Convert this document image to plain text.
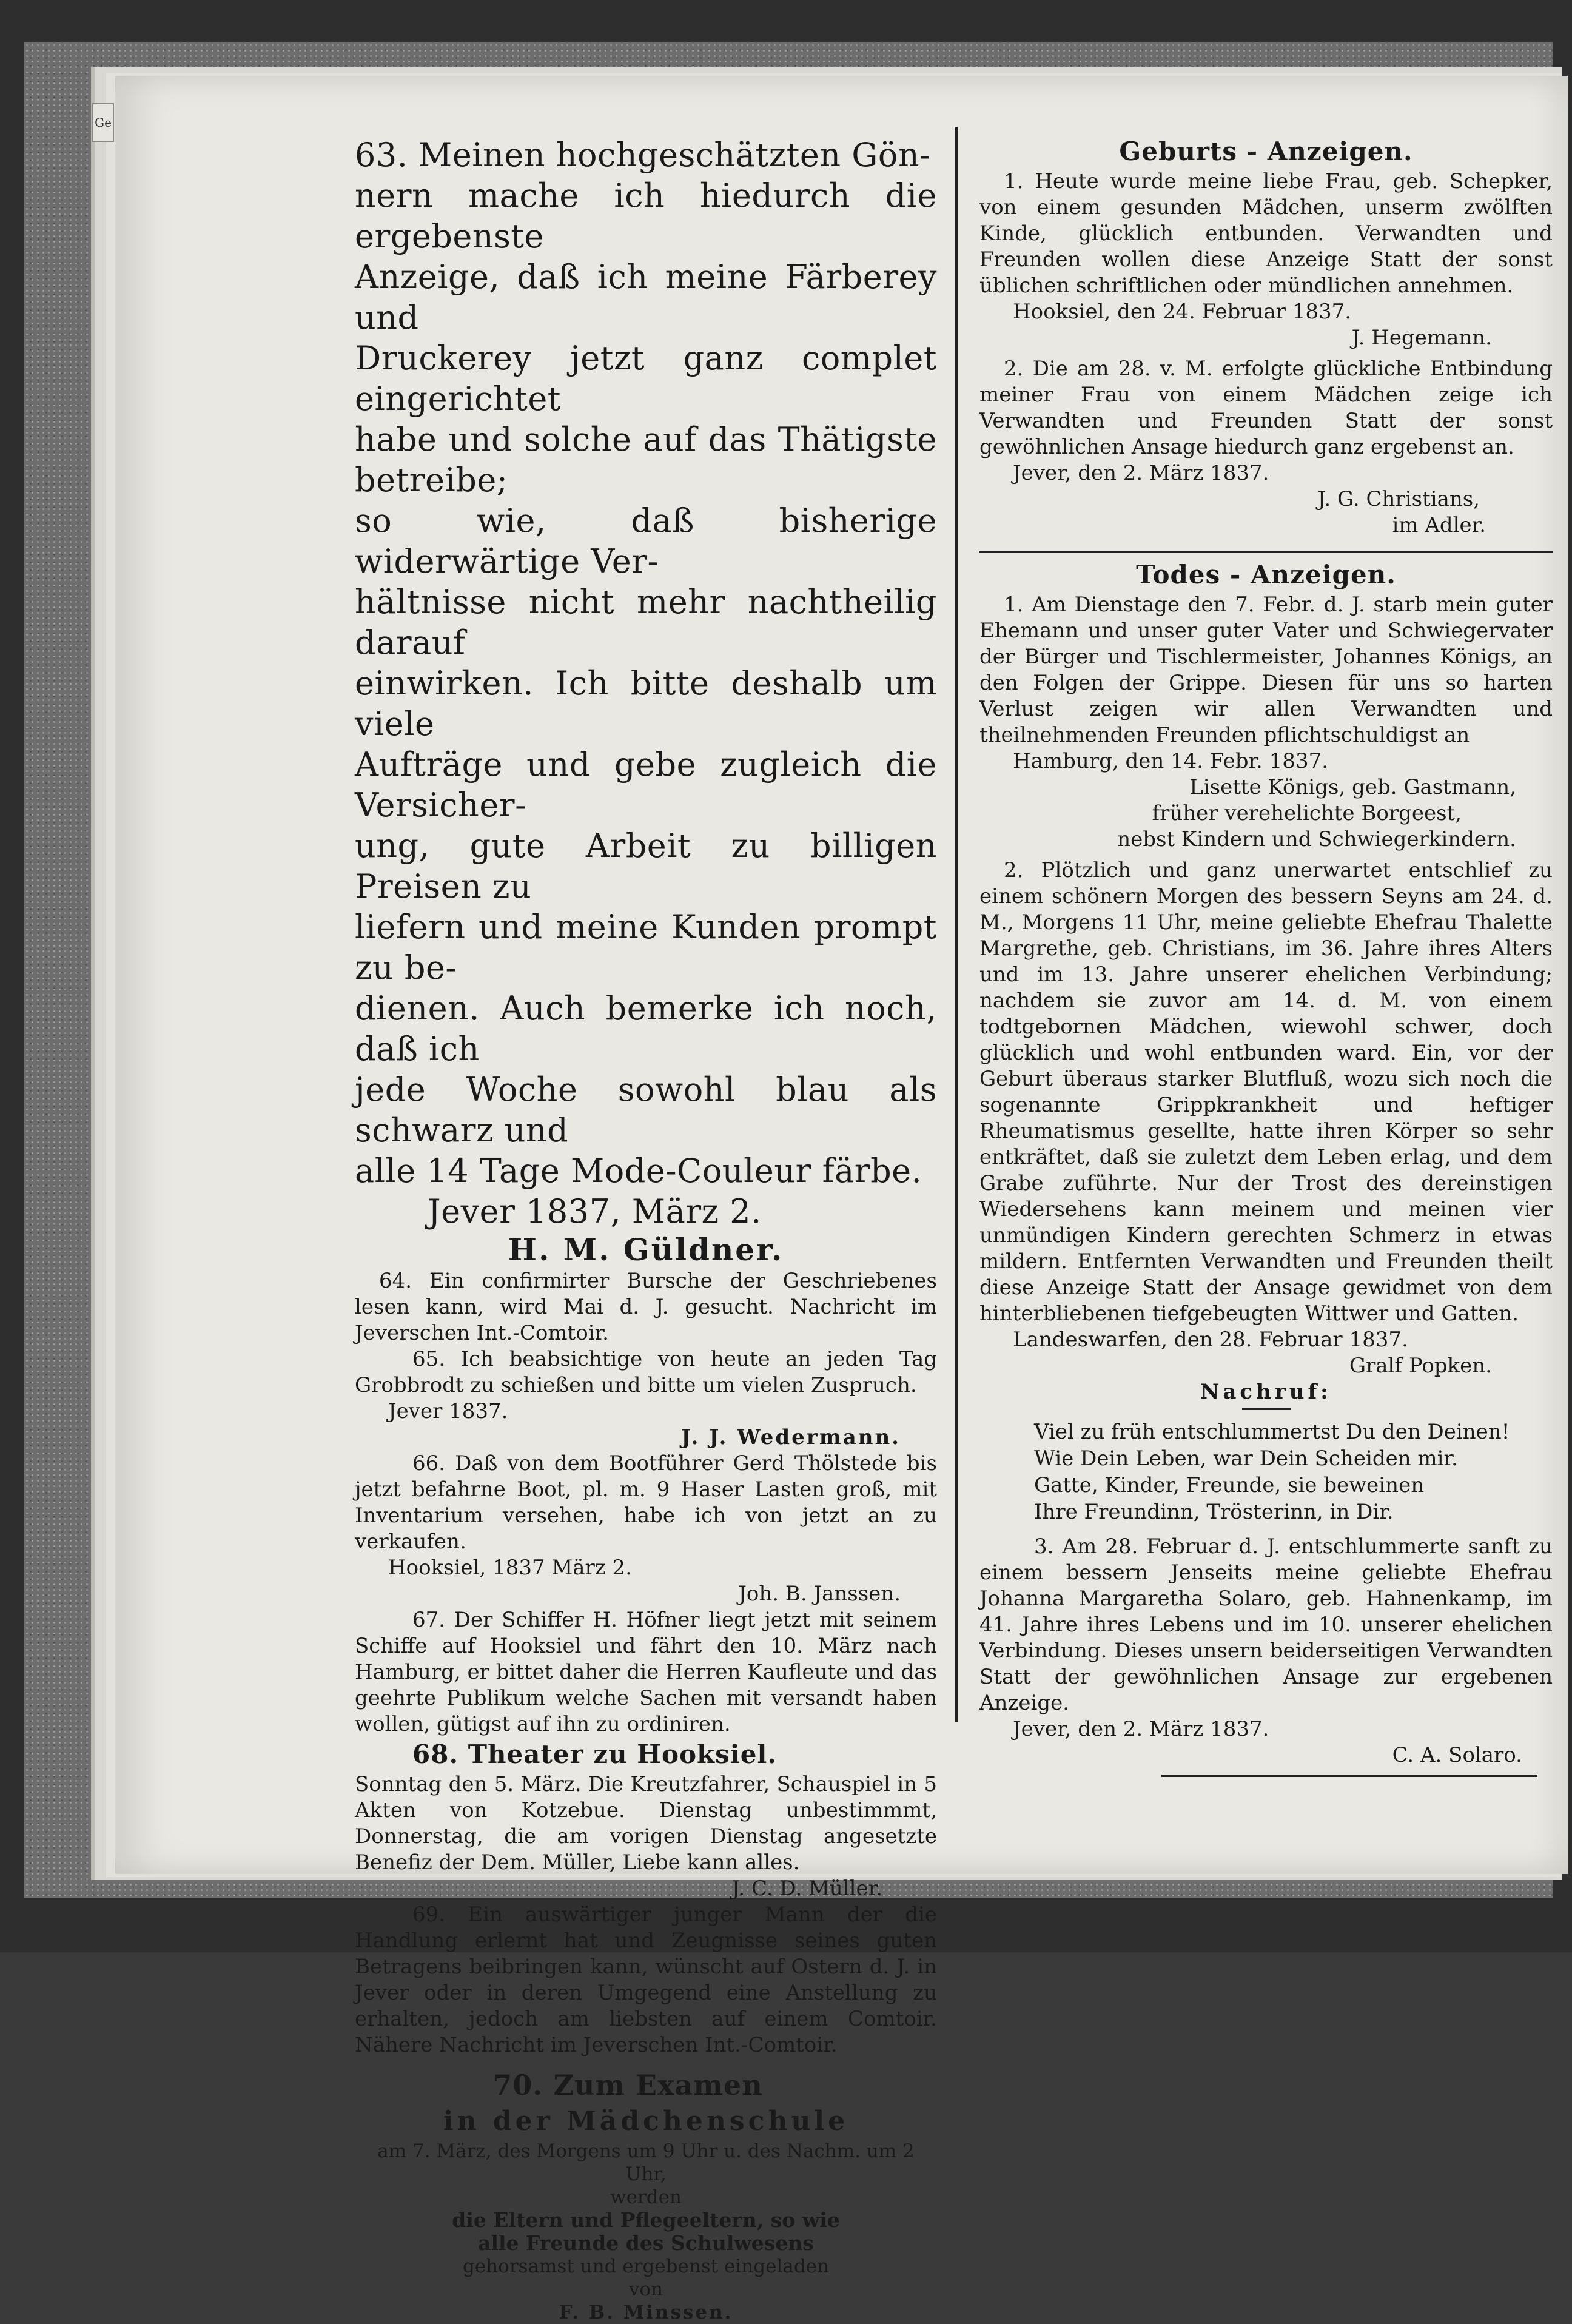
Ge

63. Meinen hochgeschätzten Gön-

nern mache ich hiedurch die ergebenste

Anzeige, daß ich meine Färberey und

Druckerey jetzt ganz complet eingerichtet

habe und solche auf das Thätigste betreibe;

so wie, daß bisherige widerwärtige Ver-

hältnisse nicht mehr nachtheilig darauf

einwirken. Ich bitte deshalb um viele

Aufträge und gebe zugleich die Versicher-

ung, gute Arbeit zu billigen Preisen zu

liefern und meine Kunden prompt zu be-

dienen. Auch bemerke ich noch, daß ich

jede Woche sowohl blau als schwarz und

alle 14 Tage Mode-Couleur färbe.

Jever 1837, März 2.

H. M. Güldner.

64. Ein confirmirter Bursche der Geschriebenes lesen kann, wird Mai d. J. gesucht. Nachricht im Jeverschen Int.-Comtoir.

65. Ich beabsichtige von heute an jeden Tag Grobbrodt zu schießen und bitte um vielen Zuspruch.

Jever 1837.

J. J. Wedermann.

66. Daß von dem Bootführer Gerd Thölstede bis jetzt befahrne Boot, pl. m. 9 Haser Lasten groß, mit Inventarium versehen, habe ich von jetzt an zu verkaufen.

Hooksiel, 1837 März 2.

Joh. B. Janssen.

67. Der Schiffer H. Höfner liegt jetzt mit seinem Schiffe auf Hooksiel und fährt den 10. März nach Hamburg, er bittet daher die Herren Kaufleute und das geehrte Publikum welche Sachen mit versandt haben wollen, gütigst auf ihn zu ordiniren.

68. Theater zu Hooksiel.

Sonntag den 5. März. Die Kreutzfahrer, Schauspiel in 5 Akten von Kotzebue. Dienstag unbestimmmt, Donnerstag, die am vorigen Dienstag angesetzte Benefiz der Dem. Müller, Liebe kann alles.

J. C. D. Müller.

69. Ein auswärtiger junger Mann der die Handlung erlernt hat und Zeugnisse seines guten Betragens beibringen kann, wünscht auf Ostern d. J. in Jever oder in deren Umgegend eine Anstellung zu erhalten, jedoch am liebsten auf einem Comtoir. Nähere Nachricht im Jeverschen Int.-Comtoir.

70. Zum Examen

in der Mädchenschule

am 7. März, des Morgens um 9 Uhr u. des Nachm. um 2 Uhr,

werden

die Eltern und Pflegeeltern, so wie

alle Freunde des Schulwesens

gehorsamst und ergebenst eingeladen

von

F. B. Minssen.

Geburts - Anzeigen.

1. Heute wurde meine liebe Frau, geb. Schepker, von einem gesunden Mädchen, unserm zwölften Kinde, glücklich entbunden. Verwandten und Freunden wollen diese Anzeige Statt der sonst üblichen schriftlichen oder mündlichen annehmen.

Hooksiel, den 24. Februar 1837.

J. Hegemann.

2. Die am 28. v. M. erfolgte glückliche Entbindung meiner Frau von einem Mädchen zeige ich Verwandten und Freunden Statt der sonst gewöhnlichen Ansage hiedurch ganz ergebenst an.

Jever, den 2. März 1837.

J. G. Christians,

im Adler.

Todes - Anzeigen.

1. Am Dienstage den 7. Febr. d. J. starb mein guter Ehemann und unser guter Vater und Schwiegervater der Bürger und Tischlermeister, Johannes Königs, an den Folgen der Grippe. Diesen für uns so harten Verlust zeigen wir allen Verwandten und theilnehmenden Freunden pflichtschuldigst an

Hamburg, den 14. Febr. 1837.

Lisette Königs, geb. Gastmann,

früher verehelichte Borgeest,

nebst Kindern und Schwiegerkindern.

2. Plötzlich und ganz unerwartet entschlief zu einem schönern Morgen des bessern Seyns am 24. d. M., Morgens 11 Uhr, meine geliebte Ehefrau Thalette Margrethe, geb. Christians, im 36. Jahre ihres Alters und im 13. Jahre unserer ehelichen Verbindung; nachdem sie zuvor am 14. d. M. von einem todtgebornen Mädchen, wiewohl schwer, doch glücklich und wohl entbunden ward. Ein, vor der Geburt überaus starker Blutfluß, wozu sich noch die sogenannte Grippkrankheit und heftiger Rheumatismus gesellte, hatte ihren Körper so sehr entkräftet, daß sie zuletzt dem Leben erlag, und dem Grabe zuführte. Nur der Trost des dereinstigen Wiedersehens kann meinem und meinen vier unmündigen Kindern gerechten Schmerz in etwas mildern. Entfernten Verwandten und Freunden theilt diese Anzeige Statt der Ansage gewidmet von dem hinterbliebenen tiefgebeugten Wittwer und Gatten.

Landeswarfen, den 28. Februar 1837.

Gralf Popken.

Nachruf:

Viel zu früh entschlummertst Du den Deinen!

Wie Dein Leben, war Dein Scheiden mir.

Gatte, Kinder, Freunde, sie beweinen

Ihre Freundinn, Trösterinn, in Dir.

3. Am 28. Februar d. J. entschlummerte sanft zu einem bessern Jenseits meine geliebte Ehefrau Johanna Margaretha Solaro, geb. Hahnenkamp, im 41. Jahre ihres Lebens und im 10. unserer ehelichen Verbindung. Dieses unsern beiderseitigen Verwandten Statt der gewöhnlichen Ansage zur ergebenen Anzeige.

Jever, den 2. März 1837.

C. A. Solaro.
